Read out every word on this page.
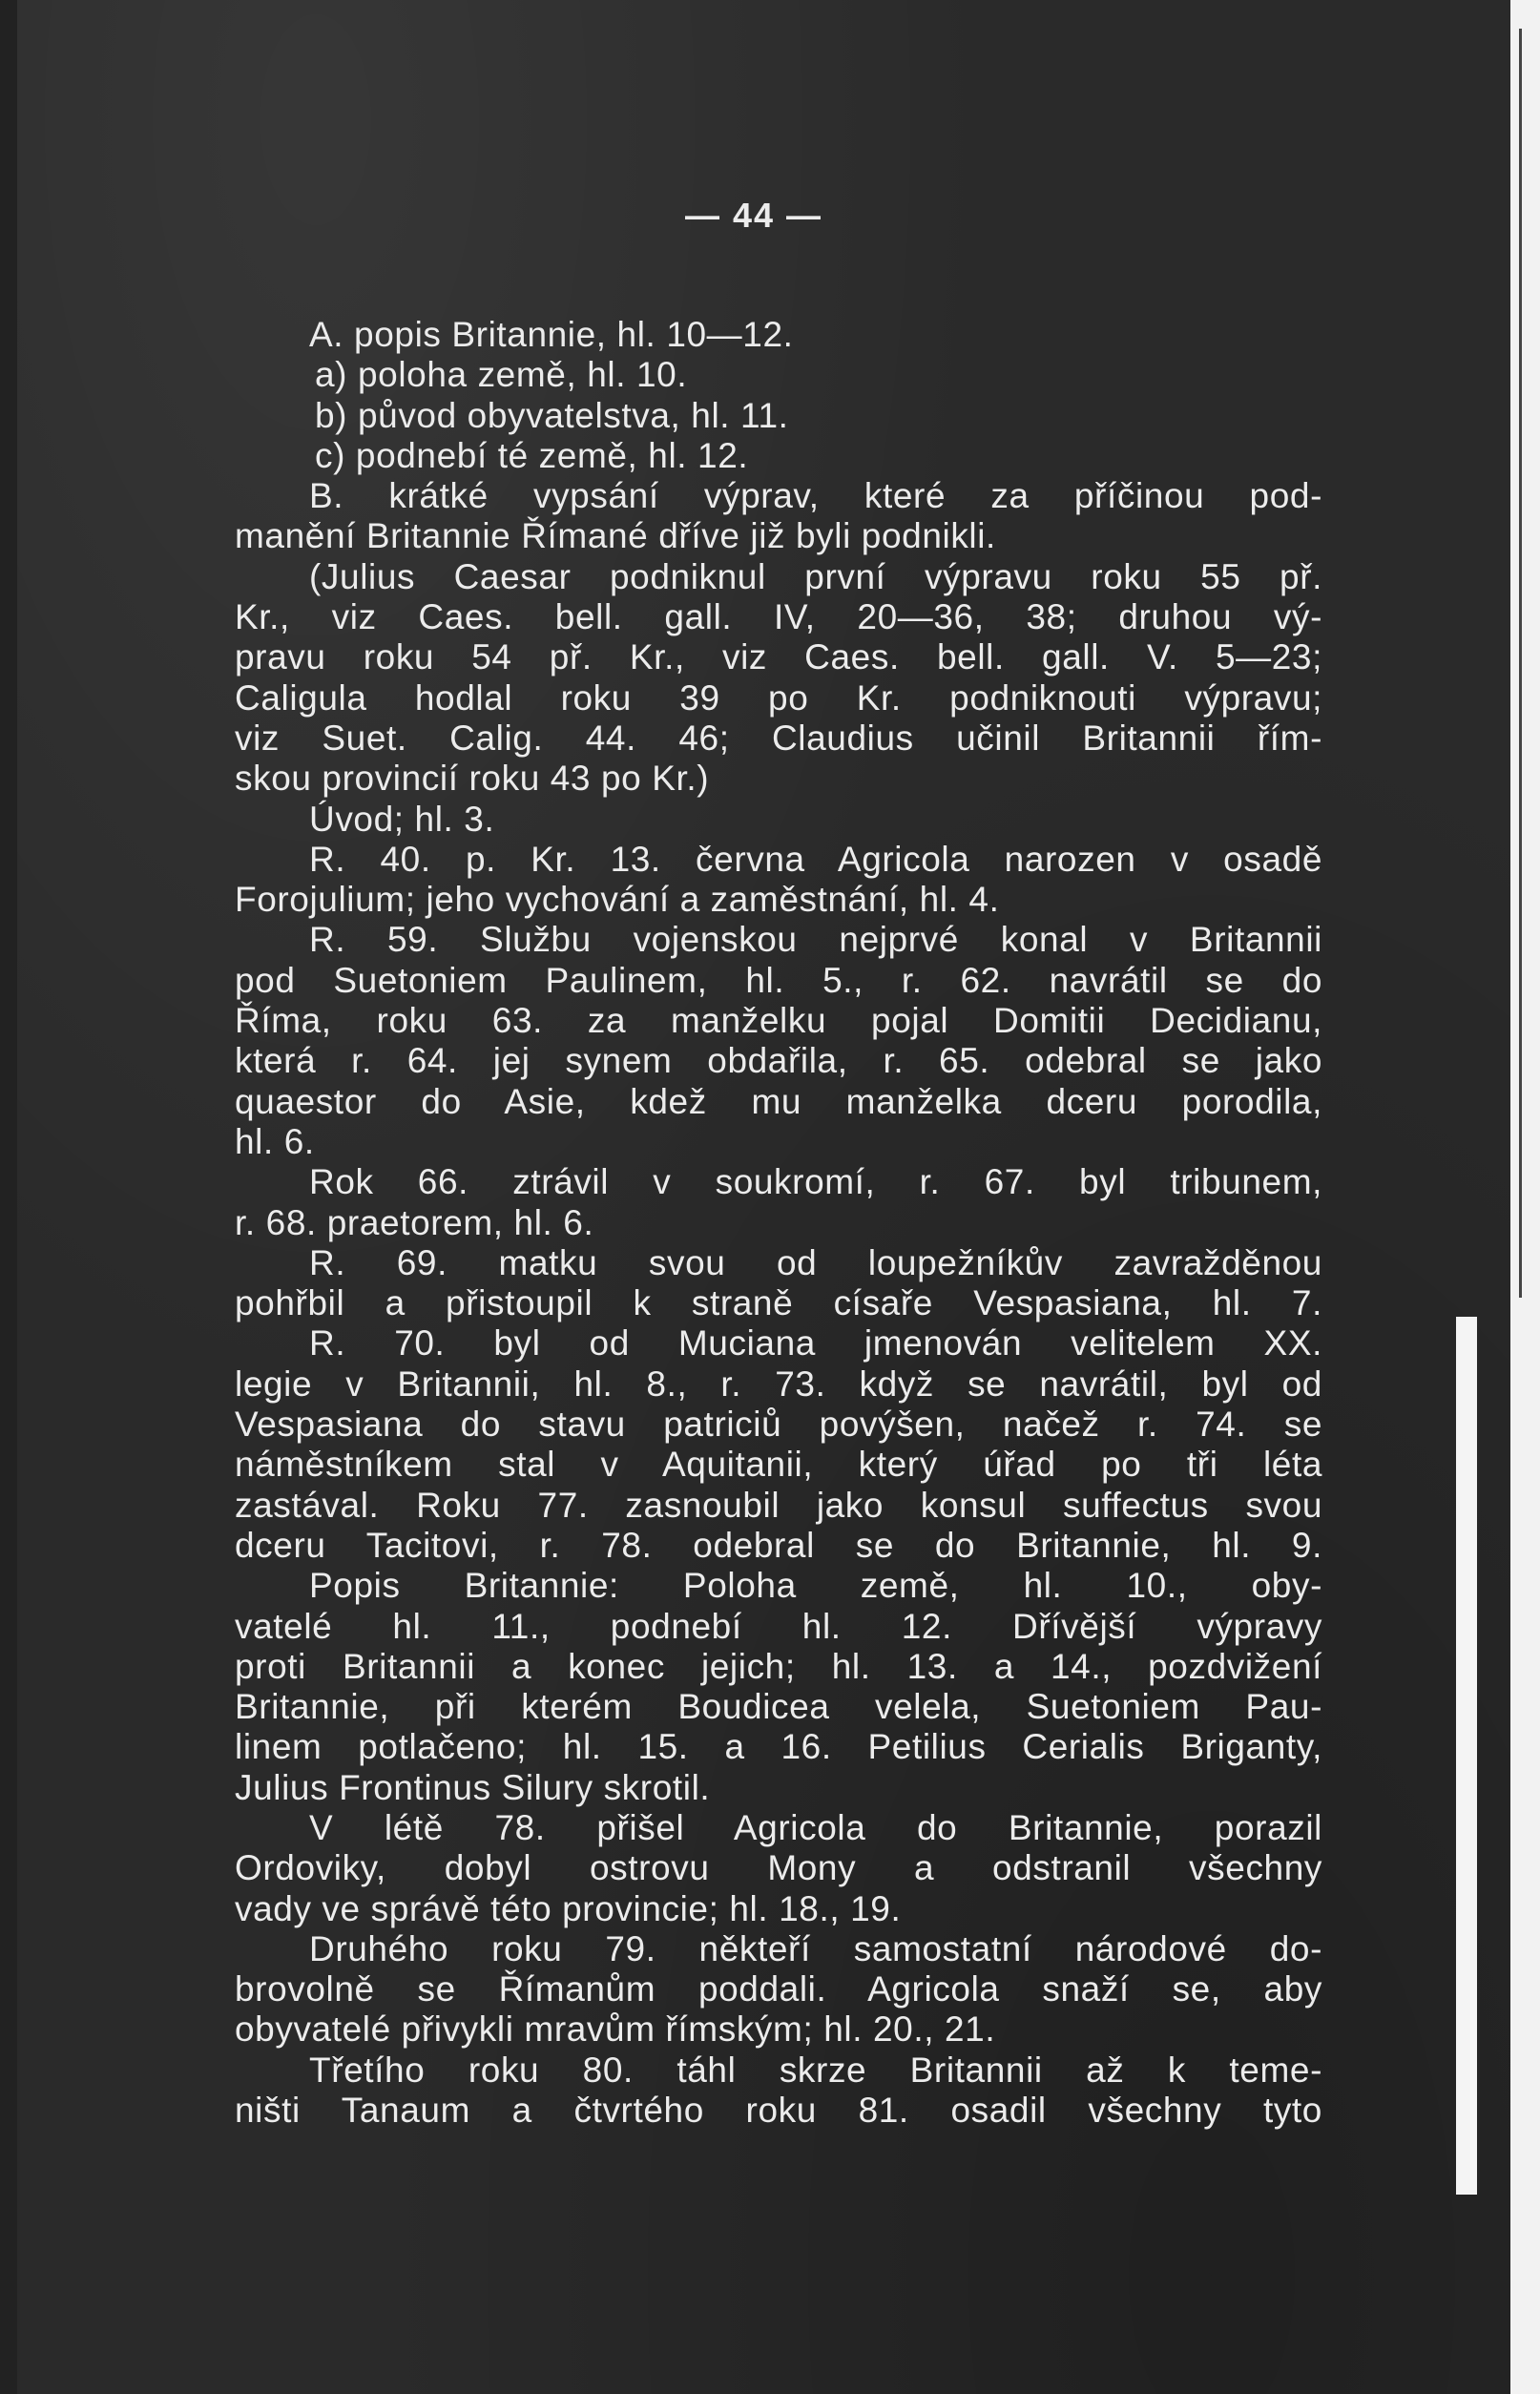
— 44 —
A. popis Britannie, hl. 10—12.
a) poloha země, hl. 10.
b) původ obyvatelstva, hl. 11.
c) podnebí té země, hl. 12.
B. krátké vypsání výprav, které za příčinou pod-
manění Britannie Římané dříve již byli podnikli.
(Julius Caesar podniknul první výpravu roku 55 př.
Kr., viz Caes. bell. gall. IV, 20—36, 38; druhou vý-
pravu roku 54 př. Kr., viz Caes. bell. gall. V. 5—23;
Caligula hodlal roku 39 po Kr. podniknouti výpravu;
viz Suet. Calig. 44. 46; Claudius učinil Britannii řím-
skou provincií roku 43 po Kr.)
Úvod; hl. 3.
R. 40. p. Kr. 13. června Agricola narozen v osadě
Forojulium; jeho vychování a zaměstnání, hl. 4.
R. 59. Službu vojenskou nejprvé konal v Britannii
pod Suetoniem Paulinem, hl. 5., r. 62. navrátil se do
Říma, roku 63. za manželku pojal Domitii Decidianu,
která r. 64. jej synem obdařila, r. 65. odebral se jako
quaestor do Asie, kdež mu manželka dceru porodila,
hl. 6.
Rok 66. ztrávil v soukromí, r. 67. byl tribunem,
r. 68. praetorem, hl. 6.
R. 69. matku svou od loupežníkův zavražděnou
pohřbil a přistoupil k straně císaře Vespasiana, hl. 7.
R. 70. byl od Muciana jmenován velitelem XX.
legie v Britannii, hl. 8., r. 73. když se navrátil, byl od
Vespasiana do stavu patriciů povýšen, načež r. 74. se
náměstníkem stal v Aquitanii, který úřad po tři léta
zastával. Roku 77. zasnoubil jako konsul suffectus svou
dceru Tacitovi, r. 78. odebral se do Britannie, hl. 9.
Popis Britannie: Poloha země, hl. 10., oby-
vatelé hl. 11., podnebí hl. 12. Dřívější výpravy
proti Britannii a konec jejich; hl. 13. a 14., pozdvižení
Britannie, při kterém Boudicea velela, Suetoniem Pau-
linem potlačeno; hl. 15. a 16. Petilius Cerialis Briganty,
Julius Frontinus Silury skrotil.
V létě 78. přišel Agricola do Britannie, porazil
Ordoviky, dobyl ostrovu Mony a odstranil všechny
vady ve správě této provincie; hl. 18., 19.
Druhého roku 79. někteří samostatní národové do-
brovolně se Římanům poddali. Agricola snaží se, aby
obyvatelé přivykli mravům římským; hl. 20., 21.
Třetího roku 80. táhl skrze Britannii až k teme-
ništi Tanaum a čtvrtého roku 81. osadil všechny tyto
